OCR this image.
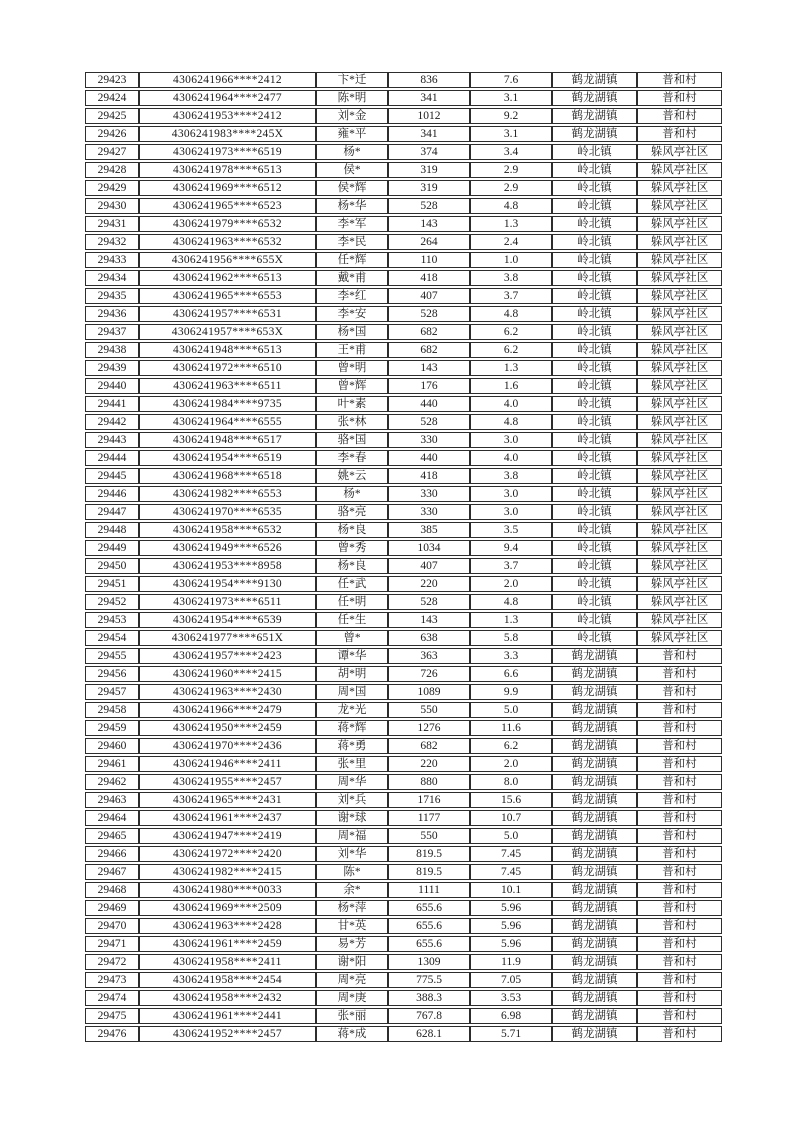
29423	4306241966****2412	卞*迁	836	7.6	鹤龙湖镇	普和村
29424	4306241964****2477	陈*明	341	3.1	鹤龙湖镇	普和村
29425	4306241953****2412	刘*金	1012	9.2	鹤龙湖镇	普和村
29426	4306241983****245X	雍*平	341	3.1	鹤龙湖镇	普和村
29427	4306241973****6519	杨*	374	3.4	岭北镇	躲风亭社区
29428	4306241978****6513	侯*	319	2.9	岭北镇	躲风亭社区
29429	4306241969****6512	侯*辉	319	2.9	岭北镇	躲风亭社区
29430	4306241965****6523	杨*华	528	4.8	岭北镇	躲风亭社区
29431	4306241979****6532	李*军	143	1.3	岭北镇	躲风亭社区
29432	4306241963****6532	李*民	264	2.4	岭北镇	躲风亭社区
29433	4306241956****655X	任*辉	110	1.0	岭北镇	躲风亭社区
29434	4306241962****6513	戴*甫	418	3.8	岭北镇	躲风亭社区
29435	4306241965****6553	李*红	407	3.7	岭北镇	躲风亭社区
29436	4306241957****6531	李*安	528	4.8	岭北镇	躲风亭社区
29437	4306241957****653X	杨*国	682	6.2	岭北镇	躲风亭社区
29438	4306241948****6513	王*甫	682	6.2	岭北镇	躲风亭社区
29439	4306241972****6510	曾*明	143	1.3	岭北镇	躲风亭社区
29440	4306241963****6511	曾*辉	176	1.6	岭北镇	躲风亭社区
29441	4306241984****9735	叶*素	440	4.0	岭北镇	躲风亭社区
29442	4306241964****6555	张*林	528	4.8	岭北镇	躲风亭社区
29443	4306241948****6517	骆*国	330	3.0	岭北镇	躲风亭社区
29444	4306241954****6519	李*春	440	4.0	岭北镇	躲风亭社区
29445	4306241968****6518	姚*云	418	3.8	岭北镇	躲风亭社区
29446	4306241982****6553	杨*	330	3.0	岭北镇	躲风亭社区
29447	4306241970****6535	骆*亮	330	3.0	岭北镇	躲风亭社区
29448	4306241958****6532	杨*良	385	3.5	岭北镇	躲风亭社区
29449	4306241949****6526	曾*秀	1034	9.4	岭北镇	躲风亭社区
29450	4306241953****8958	杨*良	407	3.7	岭北镇	躲风亭社区
29451	4306241954****9130	任*武	220	2.0	岭北镇	躲风亭社区
29452	4306241973****6511	任*明	528	4.8	岭北镇	躲风亭社区
29453	4306241954****6539	任*生	143	1.3	岭北镇	躲风亭社区
29454	4306241977****651X	曾*	638	5.8	岭北镇	躲风亭社区
29455	4306241957****2423	谭*华	363	3.3	鹤龙湖镇	普和村
29456	4306241960****2415	胡*明	726	6.6	鹤龙湖镇	普和村
29457	4306241963****2430	周*国	1089	9.9	鹤龙湖镇	普和村
29458	4306241966****2479	龙*光	550	5.0	鹤龙湖镇	普和村
29459	4306241950****2459	蒋*辉	1276	11.6	鹤龙湖镇	普和村
29460	4306241970****2436	蒋*勇	682	6.2	鹤龙湖镇	普和村
29461	4306241946****2411	张*里	220	2.0	鹤龙湖镇	普和村
29462	4306241955****2457	周*华	880	8.0	鹤龙湖镇	普和村
29463	4306241965****2431	刘*兵	1716	15.6	鹤龙湖镇	普和村
29464	4306241961****2437	谢*球	1177	10.7	鹤龙湖镇	普和村
29465	4306241947****2419	周*福	550	5.0	鹤龙湖镇	普和村
29466	4306241972****2420	刘*华	819.5	7.45	鹤龙湖镇	普和村
29467	4306241982****2415	陈*	819.5	7.45	鹤龙湖镇	普和村
29468	4306241980****0033	余*	1111	10.1	鹤龙湖镇	普和村
29469	4306241969****2509	杨*萍	655.6	5.96	鹤龙湖镇	普和村
29470	4306241963****2428	甘*英	655.6	5.96	鹤龙湖镇	普和村
29471	4306241961****2459	易*芳	655.6	5.96	鹤龙湖镇	普和村
29472	4306241958****2411	谢*阳	1309	11.9	鹤龙湖镇	普和村
29473	4306241958****2454	周*亮	775.5	7.05	鹤龙湖镇	普和村
29474	4306241958****2432	周*庚	388.3	3.53	鹤龙湖镇	普和村
29475	4306241961****2441	张*丽	767.8	6.98	鹤龙湖镇	普和村
29476	4306241952****2457	蒋*成	628.1	5.71	鹤龙湖镇	普和村
